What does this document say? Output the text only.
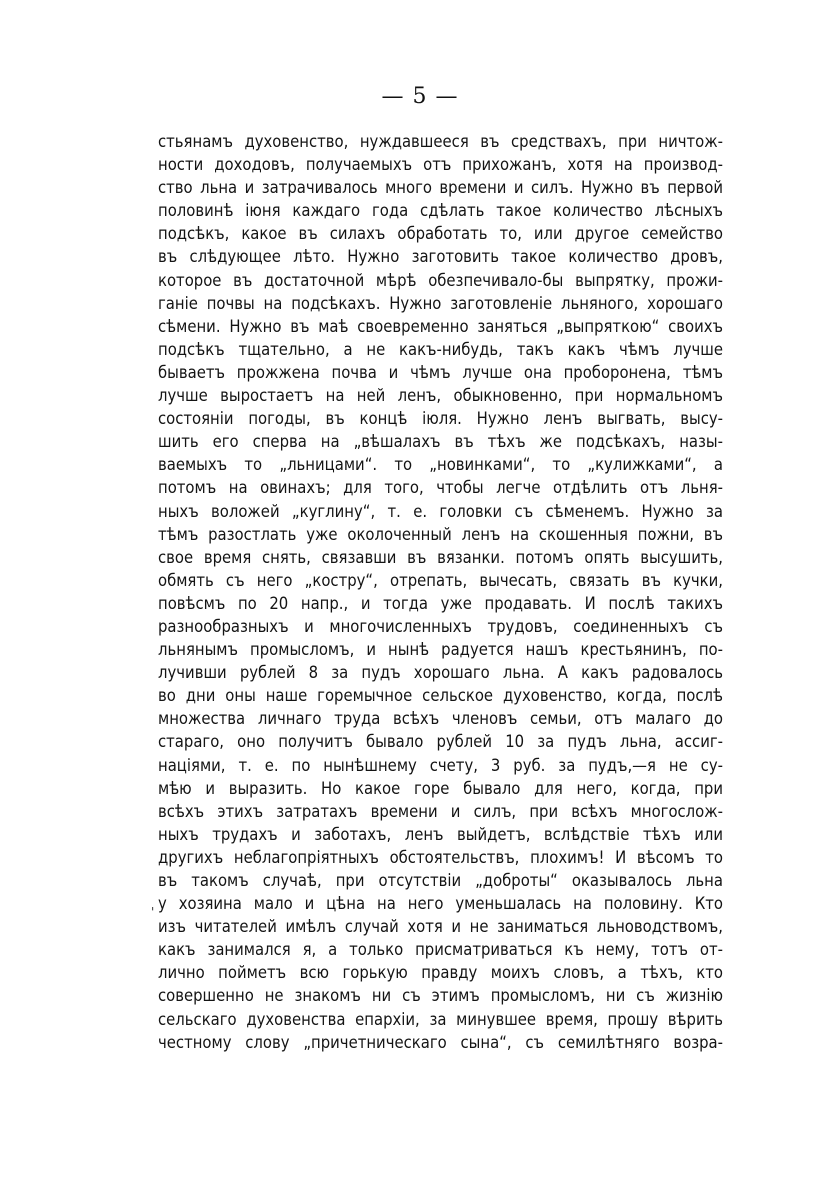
— 5 —
'
стьянамъ духовенство, нуждавшееся въ средствахъ, при ничтож-
ности доходовъ, получаемыхъ отъ прихожанъ, хотя на производ-
ство льна и затрачивалось много времени и силъ. Нужно въ первой
половинѣ іюня каждаго года сдѣлать такое количество лѣсныхъ
подсѣкъ, какое въ силахъ обработать то, или другое семейство
въ слѣдующее лѣто. Нужно заготовить такое количество дровъ,
которое въ достаточной мѣрѣ обезпечивало-бы выпрятку, прожи-
ганіе почвы на подсѣкахъ. Нужно заготовленіе льняного, хорошаго
сѣмени. Нужно въ маѣ своевременно заняться „выпряткою“ своихъ
подсѣкъ тщательно, а не какъ-нибудь, такъ какъ чѣмъ лучше
бываетъ прожжена почва и чѣмъ лучше она проборонена, тѣмъ
лучше выростаетъ на ней ленъ, обыкновенно, при нормальномъ
состояніи погоды, въ концѣ іюля. Нужно ленъ выгвать, высу-
шить его сперва на „вѣшалахъ въ тѣхъ же подсѣкахъ, назы-
ваемыхъ то „льницами“. то „новинками“, то „кулижками“, а
потомъ на овинахъ; для того, чтобы легче отдѣлить отъ льня-
ныхъ воложей „куглину“, т. е. головки съ сѣменемъ. Нужно за
тѣмъ разостлать уже околоченный ленъ на скошенныя пожни, въ
свое время снять, связавши въ вязанки. потомъ опять высушить,
обмять съ него „костру“, отрепать, вычесать, связать въ кучки,
повѣсмъ по 20 напр., и тогда уже продавать. И послѣ такихъ
разнообразныхъ и многочисленныхъ трудовъ, соединенныхъ съ
льнянымъ промысломъ, и нынѣ радуется нашъ крестьянинъ, по-
лучивши рублей 8 за пудъ хорошаго льна. А какъ радовалось
во дни оны наше горемычное сельское духовенство, когда, послѣ
множества личнаго труда всѣхъ членовъ семьи, отъ малаго до
стараго, оно получитъ бывало рублей 10 за пудъ льна, ассиг-
націями, т. е. по нынѣшнему счету, 3 руб. за пудъ,—я не су-
мѣю и выразить. Но какое горе бывало для него, когда, при
всѣхъ этихъ затратахъ времени и силъ, при всѣхъ многослож-
ныхъ трудахъ и заботахъ, ленъ выйдетъ, вслѣдствіе тѣхъ или
другихъ неблагопріятныхъ обстоятельствъ, плохимъ! И вѣсомъ то
въ такомъ случаѣ, при отсутствіи „доброты“ оказывалось льна
у хозяина мало и цѣна на него уменьшалась на половину. Кто
изъ читателей имѣлъ случай хотя и не заниматься льноводствомъ,
какъ занимался я, а только присматриваться къ нему, тотъ от-
лично пойметъ всю горькую правду моихъ словъ, а тѣхъ, кто
совершенно не знакомъ ни съ этимъ промысломъ, ни съ жизнію
сельскаго духовенства епархіи, за минувшее время, прошу вѣрить
честному слову „причетническаго сына“, съ семилѣтняго возра-
